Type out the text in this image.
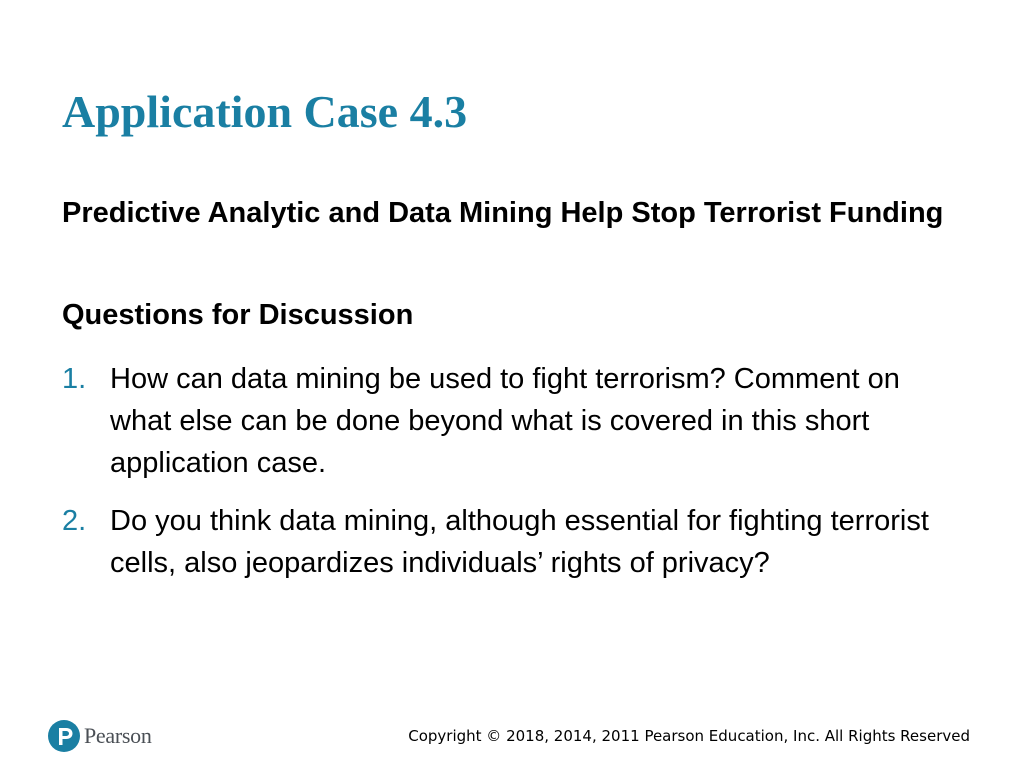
Application Case 4.3

Predictive Analytic and Data Mining Help Stop Terrorist Funding

Questions for Discussion

1. How can data mining be used to fight terrorism? Comment on what else can be done beyond what is covered in this short application case.
2. Do you think data mining, although essential for fighting terrorist cells, also jeopardizes individuals’ rights of privacy?
Pearson	Copyright © 2018, 2014, 2011 Pearson Education, Inc. All Rights Reserved
